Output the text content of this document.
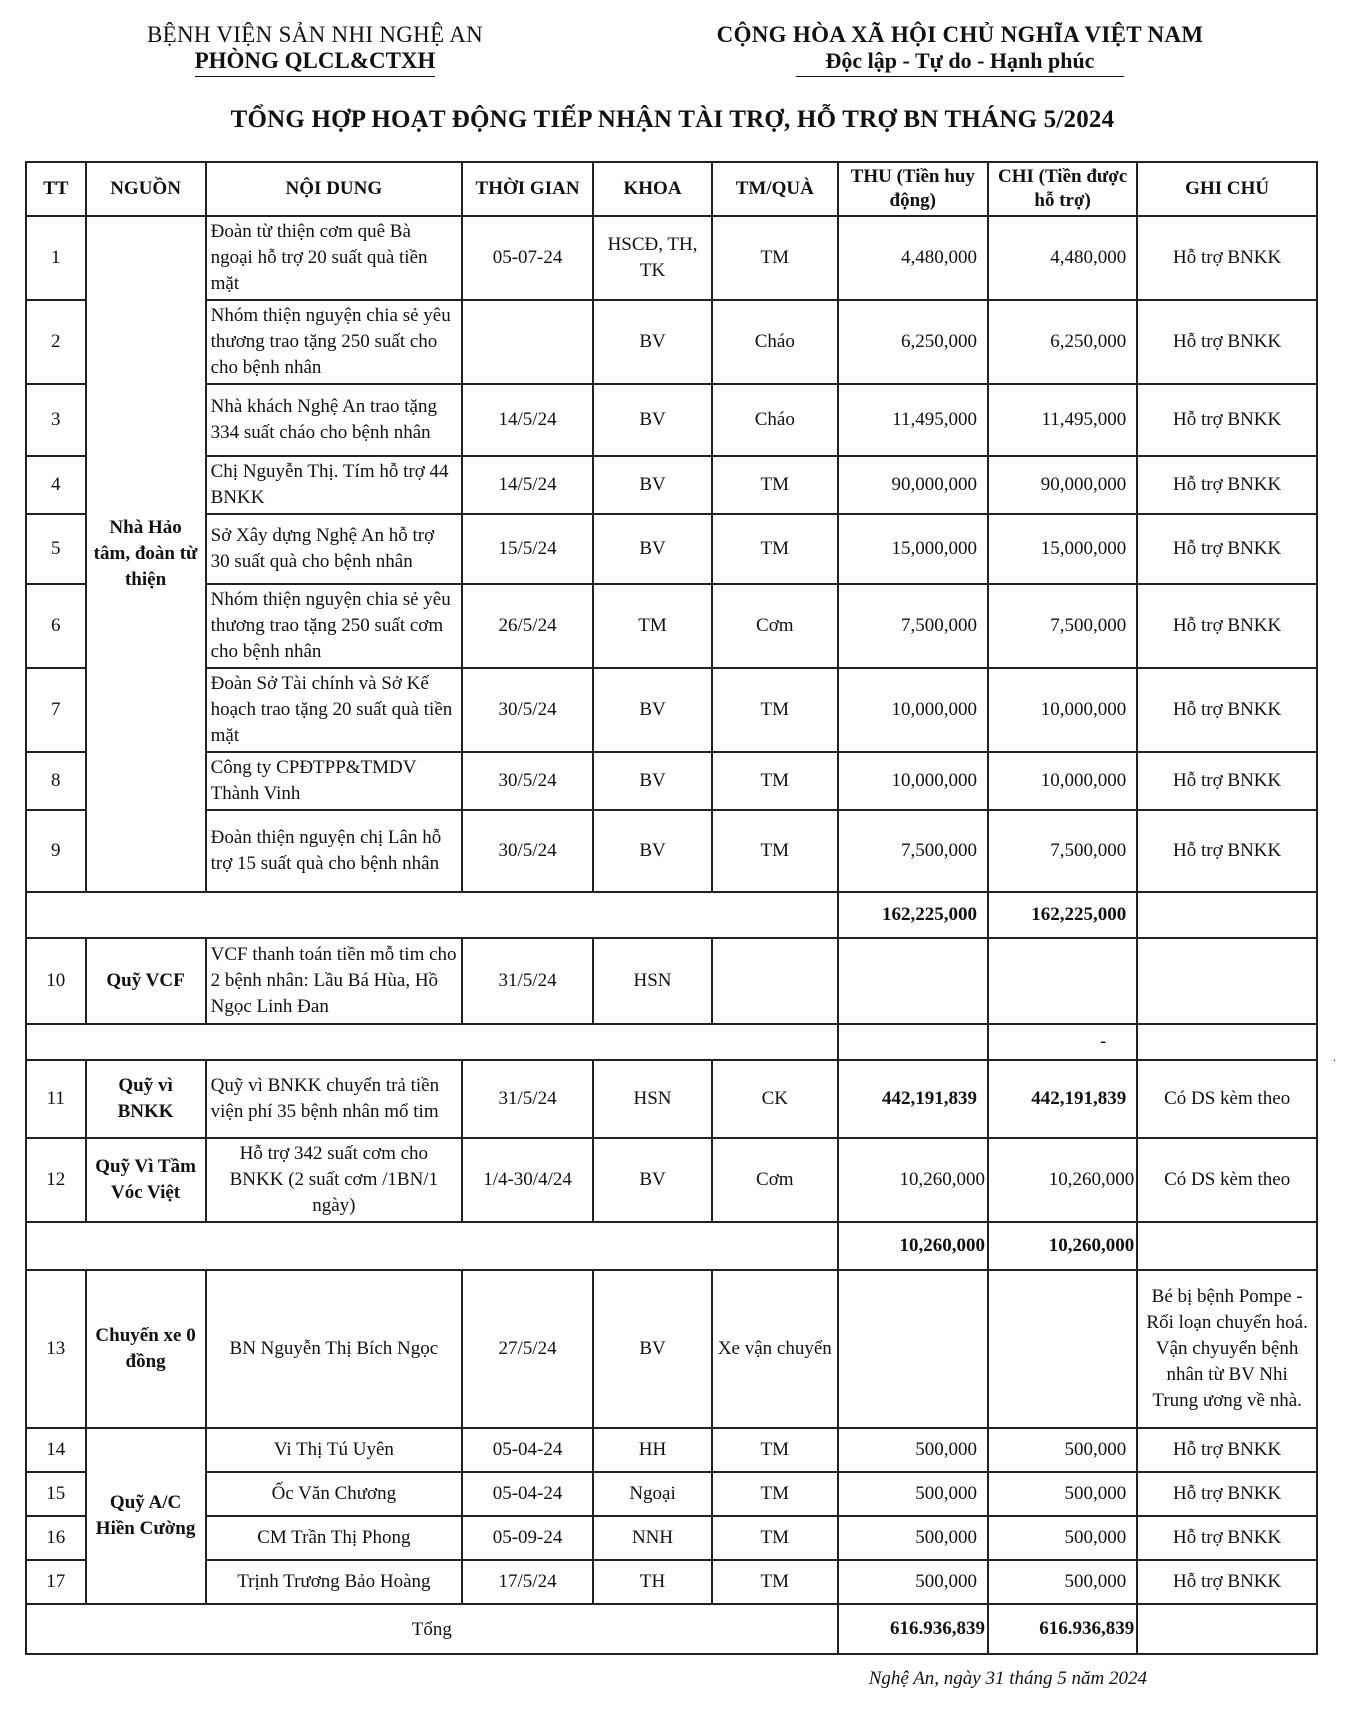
BỆNH VIỆN SẢN NHI NGHỆ AN
PHÒNG QLCL&CTXH
CỘNG HÒA XÃ HỘI CHỦ NGHĨA VIỆT NAM
Độc lập - Tự do - Hạnh phúc
TỔNG HỢP HOẠT ĐỘNG TIẾP NHẬN TÀI TRỢ, HỖ TRỢ BN THÁNG 5/2024
TT	NGUỒN	NỘI DUNG	THỜI GIAN	KHOA	TM/QUÀ	THU (Tiền huy động)	CHI (Tiền được hỗ trợ)	GHI CHÚ
1	Nhà Hảo tâm, đoàn từ thiện	Đoàn từ thiện cơm quê Bà ngoại hỗ trợ 20 suất quà tiền mặt	05-07-24	HSCĐ, TH, TK	TM	4,480,000	4,480,000	Hỗ trợ BNKK
2		Nhóm thiện nguyện chia sẻ yêu thương trao tặng 250 suất cho cho bệnh nhân		BV	Cháo	6,250,000	6,250,000	Hỗ trợ BNKK
3		Nhà khách Nghệ An trao tặng 334 suất cháo cho bệnh nhân	14/5/24	BV	Cháo	11,495,000	11,495,000	Hỗ trợ BNKK
4		Chị Nguyễn Thị. Tím hỗ trợ 44 BNKK	14/5/24	BV	TM	90,000,000	90,000,000	Hỗ trợ BNKK
5		Sở Xây dựng Nghệ An hỗ trợ 30 suất quà cho bệnh nhân	15/5/24	BV	TM	15,000,000	15,000,000	Hỗ trợ BNKK
6		Nhóm thiện nguyện chia sẻ yêu thương trao tặng 250 suất cơm cho bệnh nhân	26/5/24	TM	Cơm	7,500,000	7,500,000	Hỗ trợ BNKK
7		Đoàn Sở Tài chính và Sở Kế hoạch trao tặng 20 suất quà tiền mặt	30/5/24	BV	TM	10,000,000	10,000,000	Hỗ trợ BNKK
8		Công ty CPĐTPP&TMDV Thành Vinh	30/5/24	BV	TM	10,000,000	10,000,000	Hỗ trợ BNKK
9		Đoàn thiện nguyện chị Lân hỗ trợ 15 suất quà cho bệnh nhân	30/5/24	BV	TM	7,500,000	7,500,000	Hỗ trợ BNKK
						162,225,000	162,225,000	
10	Quỹ VCF	VCF thanh toán tiền mỗ tim cho 2 bệnh nhân: Lầu Bá Hùa, Hồ Ngọc Linh Đan	31/5/24	HSN				
							-	
11	Quỹ vì BNKK	Quỹ vì BNKK chuyển trả tiền viện phí 35 bệnh nhân mổ tim	31/5/24	HSN	CK	442,191,839	442,191,839	Có DS kèm theo
12	Quỹ Vì Tầm Vóc Việt	Hỗ trợ 342 suất cơm cho BNKK (2 suất cơm /1BN/1 ngày)	1/4-30/4/24	BV	Cơm	10,260,000	10,260,000	Có DS kèm theo
						10,260,000	10,260,000	
13	Chuyến xe 0 đồng	BN Nguyễn Thị Bích Ngọc	27/5/24	BV	Xe vận chuyển			Bé bị bệnh Pompe - Rối loạn chuyển hoá. Vận chyuyển bệnh nhân từ BV Nhi Trung ương về nhà.
14	Quỹ A/C Hiền Cường	Vi Thị Tú Uyên	05-04-24	HH	TM	500,000	500,000	Hỗ trợ BNKK
15		Ốc Văn Chương	05-04-24	Ngoại	TM	500,000	500,000	Hỗ trợ BNKK
16		CM Trần Thị Phong	05-09-24	NNH	TM	500,000	500,000	Hỗ trợ BNKK
17		Trịnh Trương Bảo Hoàng	17/5/24	TH	TM	500,000	500,000	Hỗ trợ BNKK
Tổng						616.936,839	616.936,839	
Nghệ An, ngày 31 tháng 5 năm 2024
.
